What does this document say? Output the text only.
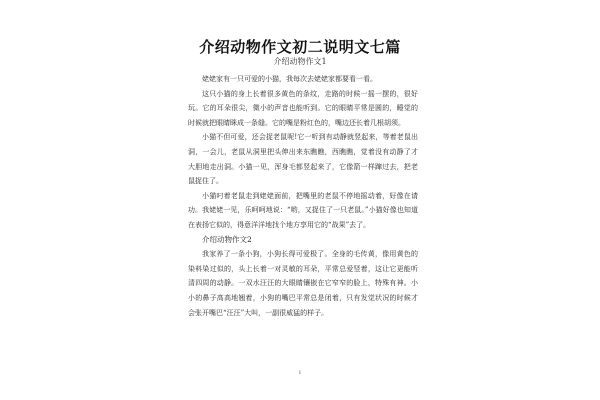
介绍动物作文初二说明文七篇
介绍动物作文1

姥姥家有一只可爱的小猫，我每次去姥姥家都要看一看。

这只小猫的身上长着很多黄色的条纹，走路的时候一摇一摆的，很好玩。它的耳朵很尖，微小的声音也能听到。它的眼睛平常是圆的，睡觉的时候就把眼睛眯成一条缝。它的嘴是粉红色的，嘴边还长着几根胡须。

小猫不但可爱，还会捉老鼠呢!它一听到有动静就竖起来，等着老鼠出洞，一会儿，老鼠从洞里把头伸出来东瞧瞧，西瞧瞧，觉着没有动静了才大胆地走出洞。小猫一见，浑身毛都竖起来了，它像箭一样蹿过去，把老鼠捉住了。

小猫叼着老鼠走到姥姥面前，把嘴里的老鼠不停地摇动着，好像在请功。我姥姥一见，乐呵呵地说：“哟，又捉住了一只老鼠。”小猫好像也知道在表扬它似的，得意洋洋地找个地方享用它的“战果”去了。

介绍动物作文2

我家养了一条小狗，小狗长得可爱极了。全身的毛传黄，像用黄色的染料染过似的，头上长着一对灵敏的耳朵，平常总爱竖着，这让它更能听清四周的动静。一双水汪汪的大眼睛镶嵌在它窄窄的脸上，特殊有神。小小的鼻子高高地翘着，小狗的嘴巴平常总是闭着，只有发觉状况的时候才会张开嘴巴“汪汪”大叫，一副很威猛的样子。

1
